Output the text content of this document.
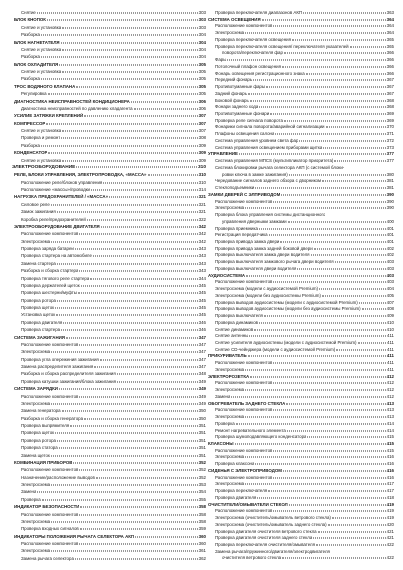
Снятие	303
БЛОК КНОПОК	303
Снятие и установка	303
Разборка	304
БЛОК НАГНЕТАТЕЛЯ	304
Снятие и установка	304
Разборка	304
БЛОК ОХЛАДИТЕЛЯ	305
Снятие и установка	305
Разборка	305
ТРОС ВОДЯНОГО КЛАПАНА	305
Регулировка	305
ДИАГНОСТИКА НЕИСПРАВНОСТЕЙ КОНДИЦИОНЕРА	306
Диагностика неисправностей по давлению хладагента	306
УСИЛИЕ ЗАТЯЖКИ КРЕПЛЕНИЙ	307
КОМПРЕССОР	307
Снятие и установка	307
Проверка и ремонт	308
Разборка	309
КОНДЕНСАТОР	309
Снятие и установка	309
ЭЛЕКТРООБОРУДОВАНИЕ	310
РЕЛЕ, БЛОКИ УПРАВЛЕНИЯ, ЭЛЕКТРОПРОВОДКА, «МАССА»	310
Расположение реле/блоков управления	310
Расположение «массы»/проводки	314
НАГРУЗКА ПРЕДОХРАНИТЕЛЕЙ / «МАССА»	321
Силовое реле	321
Замок зажигания	321
Коробка реле/предохранителей	322
ЭЛЕКТРООБОРУДОВАНИЕ ДВИГАТЕЛЯ	342
Расположение компонентов	342
Электросхема	342
Проверка заряда батареи	343
Проверка стартера на автомобиле	343
Замена стартера	343
Разборка и сборка стартера	343
Проверка тягового реле стартера	344
Проверка держателей щеток	345
Проверка шестерни/муфты	345
Проверка ротора	345
Проверка щеток	345
Установка щеток	345
Проверка двигателя	346
Проверка стартера	346
СИСТЕМА ЗАЖИГАНИЯ	347
Расположение компонентов	347
Электросхема	347
Проверка угла опережения зажигания	347
Замена распределителя зажигания	347
Разборка и сборка распределителя зажигания	348
Проверка катушки зажигания/блока зажигания	349
СИСТЕМА ЗАРЯДКИ	349
Расположение компонентов	349
Электросхема	349
Замена генератора	350
Разборка и сборка генератора	350
Проверка выпрямителя	351
Проверка щеток	351
Проверка ротора	351
Проверка статора	351
Замена щеток	351
КОМБИНАЦИЯ ПРИБОРОВ	352
Расположение компонентов	352
Назначение/расположение выводов	352
Электросхема	353
Замена	354
Проверка	355
ИНДИКАТОР БЕЗОПАСНОСТИ	358
Расположение компонентов	358
Электросхема	358
Проверка входных сигналов	359
ИНДИКАТОРЫ ПОЛОЖЕНИЯ РЫЧАГА СЕЛЕКТОРА АКП	360
Расположение компонентов	360
Электросхема	361
Замена рычага селектора	362
Проверка переключателя диапазонов АКП	363
СИСТЕМА ОСВЕЩЕНИЯ	364
Расположение компонентов	364
Электросхема	364
Проверка переключателя освещения	365
Проверка переключателя освещения/ переключателя указателей	365
поворота/переключателя фар	366
Фары	366
Потолочный плафон освещения	366
Фонарь освещения регистрационного знака	366
Передний фонарь	367
Противотуманные фары	367
Задний фонарь	367
Боковой фонарь	368
Фонари заднего хода	368
Противотуманные фонари	369
Проверка реле сигнала поворота	369
Фонарики сигнала поворота/аварийной сигнализации	370
Плафоны освещения салона	371
Система управления уровнем света фар	372
Система управления освещением приборами щитка	373
УПРАВЛЕНИЕ	377
Система управления МПСS (мультипликатор приоритета)	377
Система блокировки рычага селектора АКП (с системой блоки-
ровки ключа в замке зажигания)	380
Чередование сигналов заднего обзора с дворником	381
Стеклоподъемники	381
ЗАМКИ ДВЕРЕЙ С ЭЛПРИВОДОМ	390
Расположение компонентов	390
Электросхема	390
Проверка блока управления системы дистанционного
управления дверными замками	400
Проверка приемника	401
Регистрация передатчика	401
Проверка привода замка двери	401
Проверка привода замка задней боковой двери	402
Проверка выключателя замка двери водителя	402
Проверка выключателя замкового рычага двери водителя	403
Проверка выключателя двери водителя	403
АУДИОСИСТЕМА	403
Расположение компонентов	403
Электросхема (модели с аудиосистемой Premium)	404
Электросхема (модели без аудиосистемы Premium)	405
Проверка выводов аудиосистемы (модели с аудиосистемой Premium)	407
Проверка выводов аудиосистемы (модели без аудиосистемы Premium)	408
Проверка выключателя	409
Проверка динамиков	410
Снятие динамиков	410
Снятие антенны	411
Снятие усилителя аудиосистемы (модели с аудиосистемой Premium)	411
Снятие CD-чейнджера (модели с аудиосистемой Premium)	411
ПРИКУРИВАТЕЛЬ	411
Расположение компонентов	411
Электросхема	411
ЭЛЕКТРОРОЗЕТКА	412
Расположение компонентов	412
Электросхема	412
Замена	412
ОБОГРЕВАТЕЛЬ ЗАДНЕГО СТЕКЛА	413
Расположение компонентов	413
Электросхема	413
Проверка	414
Ремонт нагревательного элемента	414
Проверка шумоподавляющего конденсатора	415
КЛАКСОНЫ	415
Расположение компонентов	415
Электросхема	416
Проверка клаксона	416
СИДЕНЬЯ С ЭЛЕКТРОПРИВОДОМ	416
Расположение компонентов	416
Электросхема	417
Проверка переключателя	417
Проверка двигателя	418
ОЧИСТИТЕЛИ/ОМЫВАТЕЛИ СТЕКОЛ	419
Расположение компонентов	419
Электросхема (очиститель/омыватель ветрового стекла)	419
Электросхема (очиститель/омыватель заднего стекла)	420
Проверка двигателя очистителя ветрового стекла	421
Проверка двигателя очистителя заднего стекла	421
Проверка переключателя очистителя/омывателя	422
Замена рычага/пружинного/двигателя/электродвигателя
очистителя ветрового стекла	422
